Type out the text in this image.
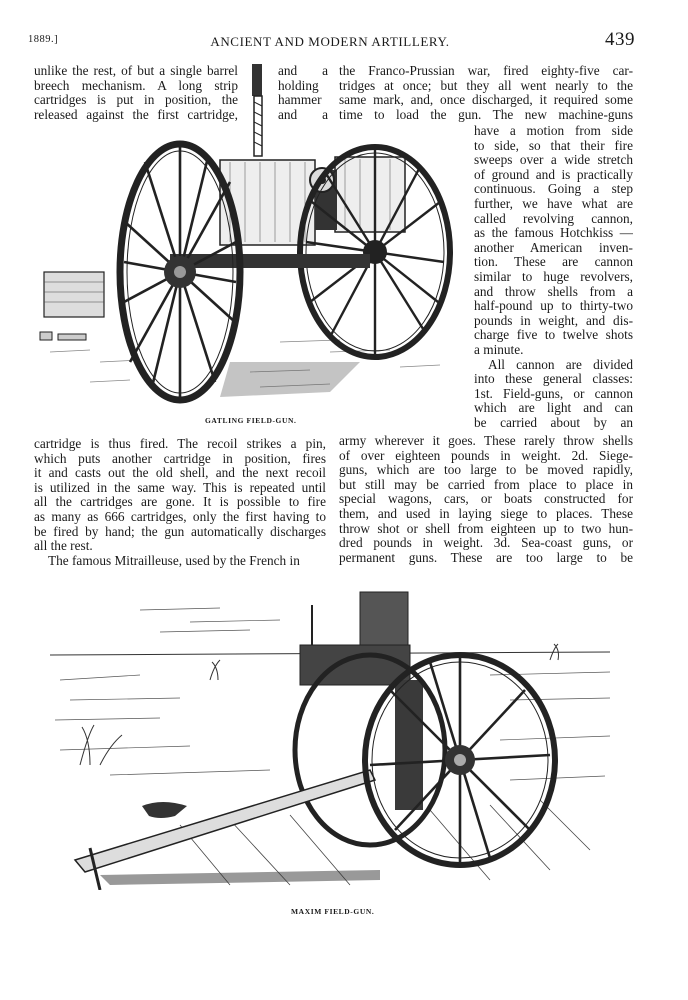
1889.]	ANCIENT AND MODERN ARTILLERY.	439
unlike the rest, of but a single barrel
breech mechanism. A long strip
cartridges is put in position, the
released against the first cartridge,
and a
holding
hammer
and a
the Franco-Prussian war, fired eighty-five car-
tridges at once; but they all went nearly to the
same mark, and, once discharged, it required some
time to load the gun. The new machine-guns
have a motion from side
to side, so that their fire
sweeps over a wide stretch
of ground and is practically
continuous. Going a step
further, we have what are
called revolving cannon,
as the famous Hotchkiss —
another American inven-
tion. These are cannon
similar to huge revolvers,
and throw shells from a
half-pound up to thirty-two
pounds in weight, and dis-
charge five to twelve shots
a minute.
All cannon are divided
into these general classes:
1st. Field-guns, or cannon
which are light and can
be carried about by an
GATLING FIELD-GUN.
cartridge is thus fired. The recoil strikes a pin,
which puts another cartridge in position, fires
it and casts out the old shell, and the next recoil
is utilized in the same way. This is repeated until
all the cartridges are gone. It is possible to fire
as many as 666 cartridges, only the first having to
be fired by hand; the gun automatically discharges
all the rest.
The famous Mitrailleuse, used by the French in
army wherever it goes. These rarely throw shells
of over eighteen pounds in weight. 2d. Siege-
guns, which are too large to be moved rapidly,
but still may be carried from place to place in
special wagons, cars, or boats constructed for
them, and used in laying siege to places. These
throw shot or shell from eighteen up to two hun-
dred pounds in weight. 3d. Sea-coast guns, or
permanent guns. These are too large to be
MAXIM FIELD-GUN.
